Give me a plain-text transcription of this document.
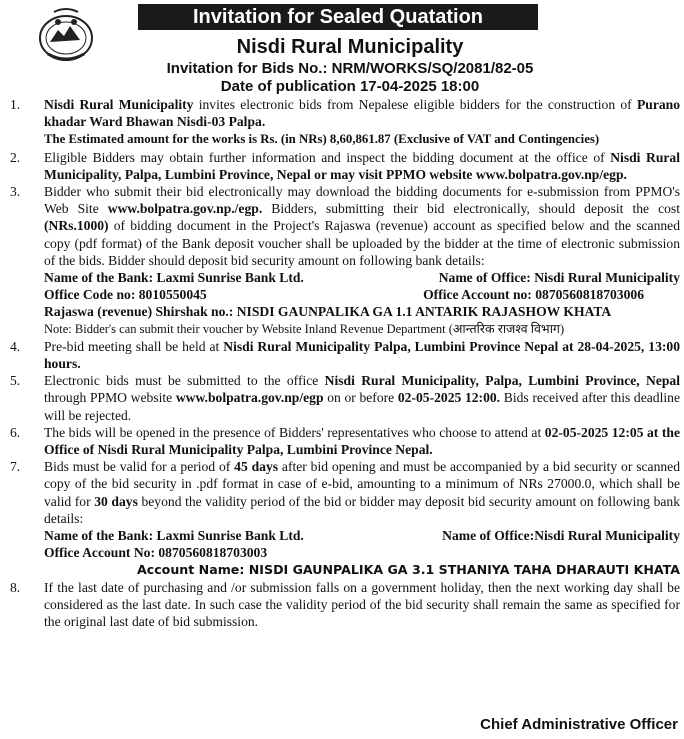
Invitation for Sealed Quatation
Nisdi Rural Municipality
Invitation for Bids No.: NRM/WORKS/SQ/2081/82-05
Date of publication 17-04-2025 18:00
1. Nisdi Rural Municipality invites electronic bids from Nepalese eligible bidders for the construction of Purano khadar Ward Bhawan Nisdi-03 Palpa.
The Estimated amount for the works is Rs. (in NRs) 8,60,861.87 (Exclusive of VAT and Contingencies)
2. Eligible Bidders may obtain further information and inspect the bidding document at the office of Nisdi Rural Municipality, Palpa, Lumbini Province, Nepal or may visit PPMO website www.bolpatra.gov.np/egp.
3. Bidder who submit their bid electronically may download the bidding documents for e-submission from PPMO's Web Site www.bolpatra.gov.np./egp. Bidders, submitting their bid electronically, should deposit the cost (NRs.1000) of bidding document in the Project's Rajaswa (revenue) account as specified below and the scanned copy (pdf format) of the Bank deposit voucher shall be uploaded by the bidder at the time of electronic submission of the bids. Bidder should deposit bid security amount on following bank details:
Name of the Bank: Laxmi Sunrise Bank Ltd.	Name of Office: Nisdi Rural Municipality
Office Code no: 8010550045	Office Account no: 0870560818703006
Rajaswa (revenue) Shirshak no.: NISDI GAUNPALIKA GA 1.1 ANTARIK RAJASHOW KHATA
Note: Bidder's can submit their voucher by Website Inland Revenue Department (आन्तरिक राजश्व विभाग)
4. Pre-bid meeting shall be held at Nisdi Rural Municipality Palpa, Lumbini Province Nepal at 28-04-2025, 13:00 hours.
5. Electronic bids must be submitted to the office Nisdi Rural Municipality, Palpa, Lumbini Province, Nepal through PPMO website www.bolpatra.gov.np/egp on or before 02-05-2025 12:00. Bids received after this deadline will be rejected.
6. The bids will be opened in the presence of Bidders' representatives who choose to attend at 02-05-2025 12:05 at the Office of Nisdi Rural Municipality Palpa, Lumbini Province Nepal.
7. Bids must be valid for a period of 45 days after bid opening and must be accompanied by a bid security or scanned copy of the bid security in .pdf format in case of e-bid, amounting to a minimum of NRs 27000.0, which shall be valid for 30 days beyond the validity period of the bid or bidder may deposit bid security amount on following bank details:
Name of the Bank: Laxmi Sunrise Bank Ltd.	Name of Office:Nisdi Rural Municipality
Office Account No: 0870560818703003
Account Name: NISDI GAUNPALIKA GA 3.1 STHANIYA TAHA DHARAUTI KHATA
8. If the last date of purchasing and /or submission falls on a government holiday, then the next working day shall be considered as the last date. In such case the validity period of the bid security shall remain the same as specified for the original last date of bid submission.
Chief Administrative Officer
